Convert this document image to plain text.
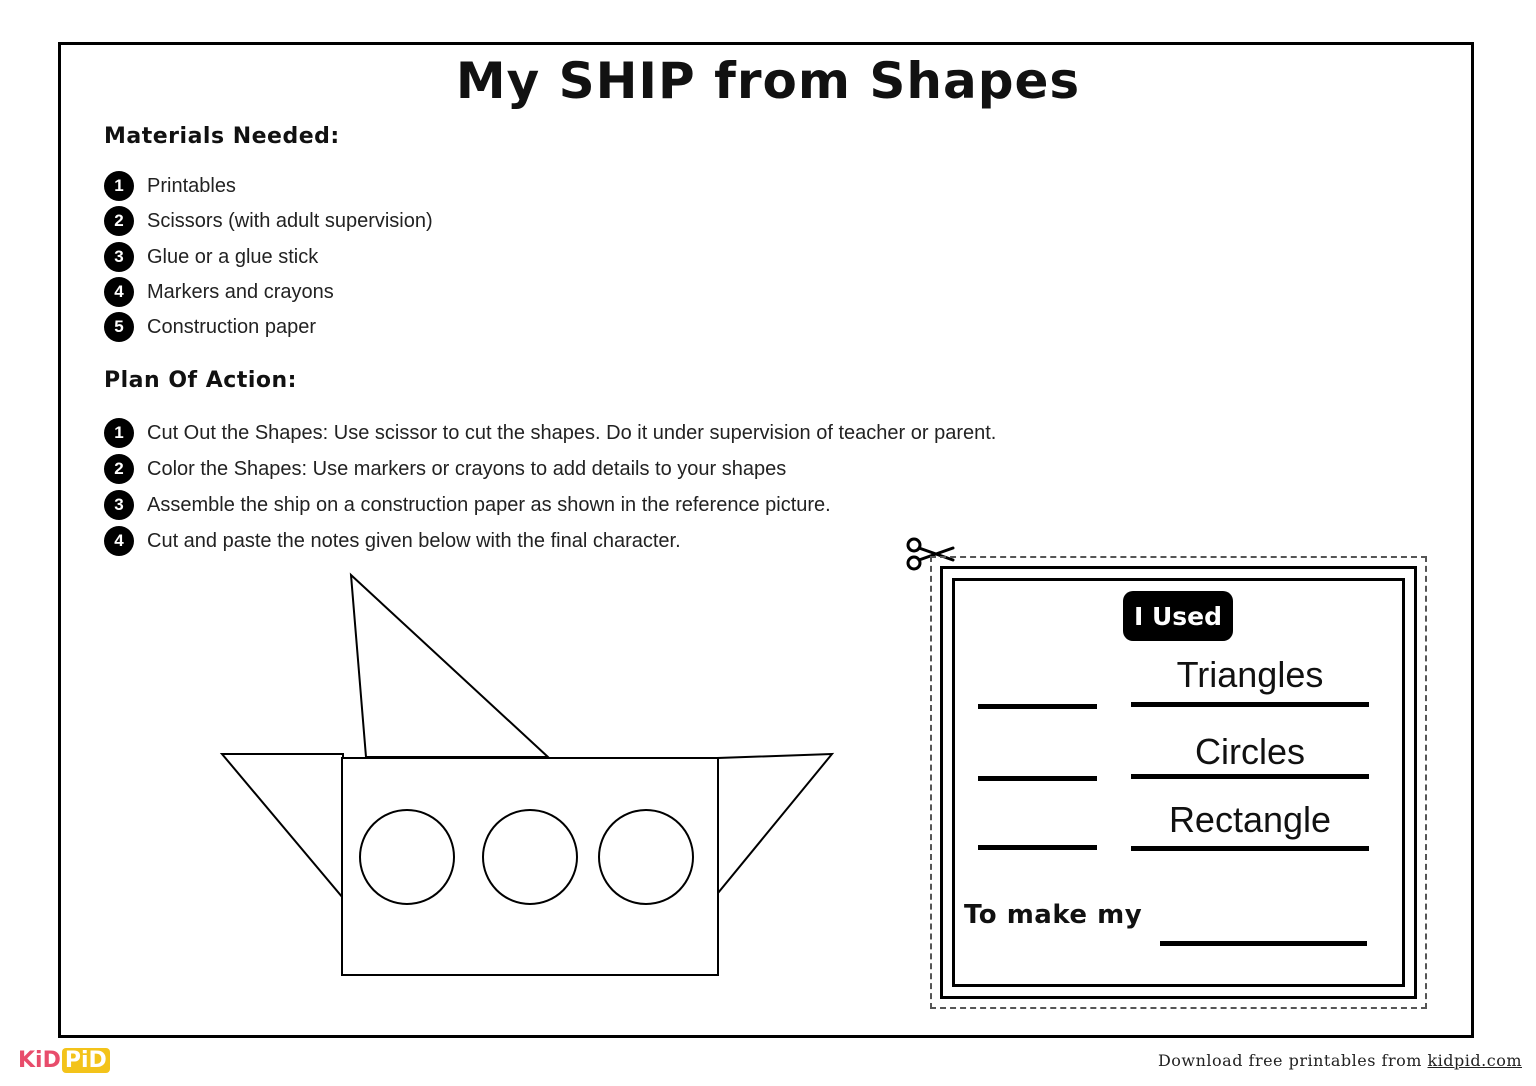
My SHIP from Shapes
Materials Needed:
1	Printables
2	Scissors (with adult supervision)
3	Glue or a glue stick
4	Markers and crayons
5	Construction paper
Plan Of Action:
1	Cut Out the Shapes: Use scissor to cut the shapes. Do it under supervision of teacher or parent.
2	Color the Shapes: Use markers or crayons to add details to your shapes
3	Assemble the ship on a construction paper as shown in the reference picture.
4	Cut and paste the notes given below with the final character.
I Used
Triangles
Circles
Rectangle
To make my
KiD PiD	Download free printables from kidpid.com
